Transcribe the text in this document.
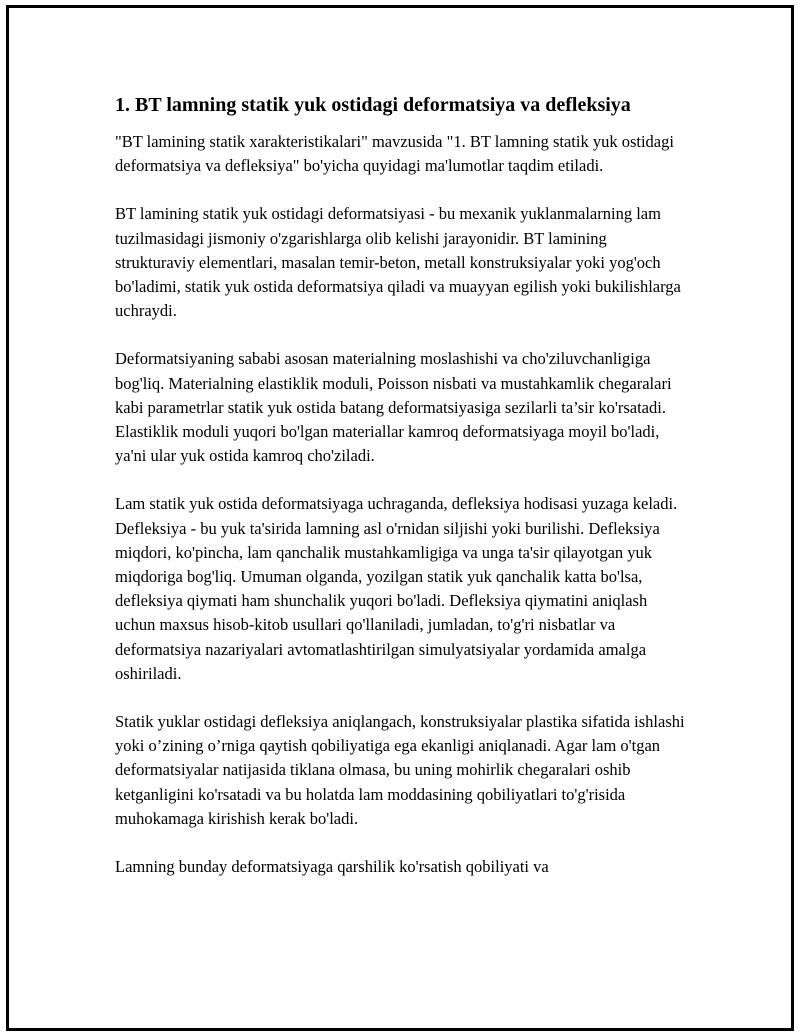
1. BT lamning statik yuk ostidagi deformatsiya va defleksiya

"BT lamining statik xarakteristikalari" mavzusida "1. BT lamning statik yuk ostidagi deformatsiya va defleksiya" bo'yicha quyidagi ma'lumotlar taqdim etiladi.

BT lamining statik yuk ostidagi deformatsiyasi - bu mexanik yuklanmalarning lam tuzilmasidagi jismoniy o'zgarishlarga olib kelishi jarayonidir. BT lamining strukturaviy elementlari, masalan temir-beton, metall konstruksiyalar yoki yog'och bo'ladimi, statik yuk ostida deformatsiya qiladi va muayyan egilish yoki bukilishlarga uchraydi.

Deformatsiyaning sababi asosan materialning moslashishi va cho'ziluvchanligiga bog'liq. Materialning elastiklik moduli, Poisson nisbati va mustahkamlik chegaralari kabi parametrlar statik yuk ostida batang deformatsiyasiga sezilarli ta’sir ko'rsatadi. Elastiklik moduli yuqori bo'lgan materiallar kamroq deformatsiyaga moyil bo'ladi, ya'ni ular yuk ostida kamroq cho'ziladi.

Lam statik yuk ostida deformatsiyaga uchraganda, defleksiya hodisasi yuzaga keladi. Defleksiya - bu yuk ta'sirida lamning asl o'rnidan siljishi yoki burilishi. Defleksiya miqdori, ko'pincha, lam qanchalik mustahkamligiga va unga ta'sir qilayotgan yuk miqdoriga bog'liq. Umuman olganda, yozilgan statik yuk qanchalik katta bo'lsa, defleksiya qiymati ham shunchalik yuqori bo'ladi. Defleksiya qiymatini aniqlash uchun maxsus hisob-kitob usullari qo'llaniladi, jumladan, to'g'ri nisbatlar va deformatsiya nazariyalari avtomatlashtirilgan simulyatsiyalar yordamida amalga oshiriladi.

Statik yuklar ostidagi defleksiya aniqlangach, konstruksiyalar plastika sifatida ishlashi yoki o’zining o’rniga qaytish qobiliyatiga ega ekanligi aniqlanadi. Agar lam o'tgan deformatsiyalar natijasida tiklana olmasa, bu uning mohirlik chegaralari oshib ketganligini ko'rsatadi va bu holatda lam moddasining qobiliyatlari to'g'risida muhokamaga kirishish kerak bo'ladi.

Lamning bunday deformatsiyaga qarshilik ko'rsatish qobiliyati va
